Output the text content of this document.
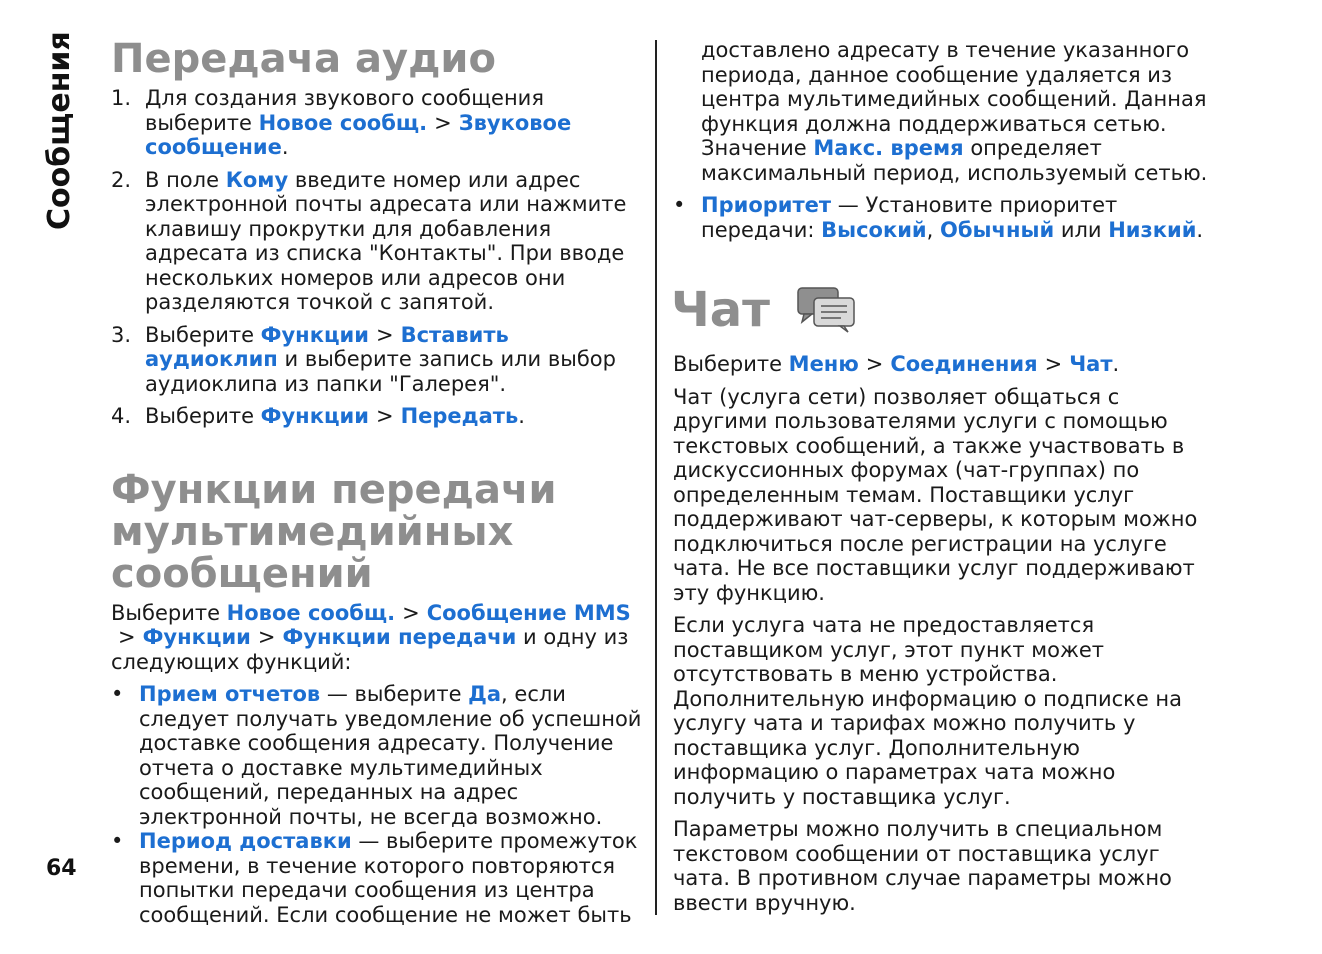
Сообщения Передача аудио
1. Для создания звукового сообщения выберите Новое сообщ. > Звуковое сообщение.
2. В поле Кому введите номер или адрес электронной почты адресата или нажмите клавишу прокрутки для добавления адресата из списка "Контакты". При вводе нескольких номеров или адресов они разделяются точкой с запятой.
3. Выберите Функции > Вставить аудиоклип и выберите запись или выбор аудиоклипа из папки "Галерея".
4. Выберите Функции > Передать.
Функции передачи мультимедийных сообщений

Выберите Новое сообщ. > Сообщение MMS> Функции > Функции передачи и одну из следующих функций:

• Прием отчетов — выберите Да, если следует получать уведомление об успешной доставке сообщения адресату. Получение отчета о доставке мультимедийных сообщений, переданных на адрес электронной почты, не всегда возможно.
• Период доставки — выберите промежуток времени, в течение которого повторяются попытки передачи сообщения из центра сообщений. Если сообщение не может быть

доставлено адресату в течение указанного периода, данное сообщение удаляется из центра мультимедийных сообщений. Данная функция должна поддерживаться сетью. Значение Макс. время определяет максимальный период, используемый сетью.

• Приоритет — Установите приоритет передачи: Высокий, Обычный или Низкий.
Чат

Выберите Меню > Соединения > Чат.

Чат (услуга сети) позволяет общаться с другими пользователями услуги с помощью текстовых сообщений, а также участвовать в дискуссионных форумах (чат-группах) по определенным темам. Поставщики услуг поддерживают чат-серверы, к которым можно подключиться после регистрации на услуге чата. Не все поставщики услуг поддерживают эту функцию.

Если услуга чата не предоставляется поставщиком услуг, этот пункт может отсутствовать в меню устройства. Дополнительную информацию о подписке на услугу чата и тарифах можно получить у поставщика услуг. Дополнительную информацию о параметрах чата можно получить у поставщика услуг.

Параметры можно получить в специальном текстовом сообщении от поставщика услуг чата. В противном случае параметры можно ввести вручную.

64
